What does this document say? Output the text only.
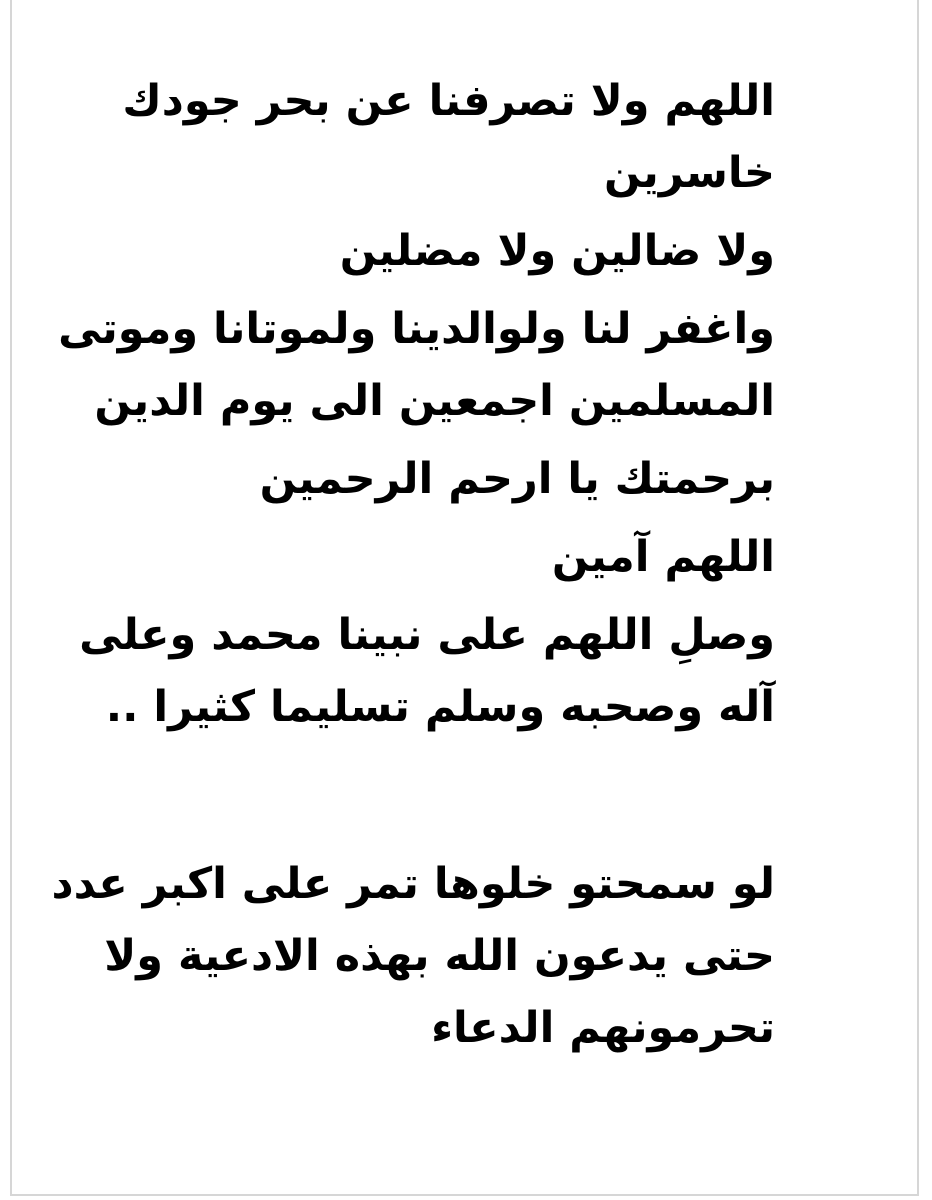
اللهم ولا تصرفنا عن بحر جودك
خاسرين
ولا ضالين ولا مضلين
واغفر لنا ولوالدينا ولموتانا وموتى
المسلمين اجمعين الى يوم الدين
برحمتك يا ارحم الرحمين
اللهم آمين
وصلِ اللهم على نبينا محمد وعلى
آله وصحبه وسلم تسليما كثيرا ..
لو سمحتو خلوها تمر على اكبر عدد
حتى يدعون الله بهذه الادعية ولا
تحرمونهم الدعاء
